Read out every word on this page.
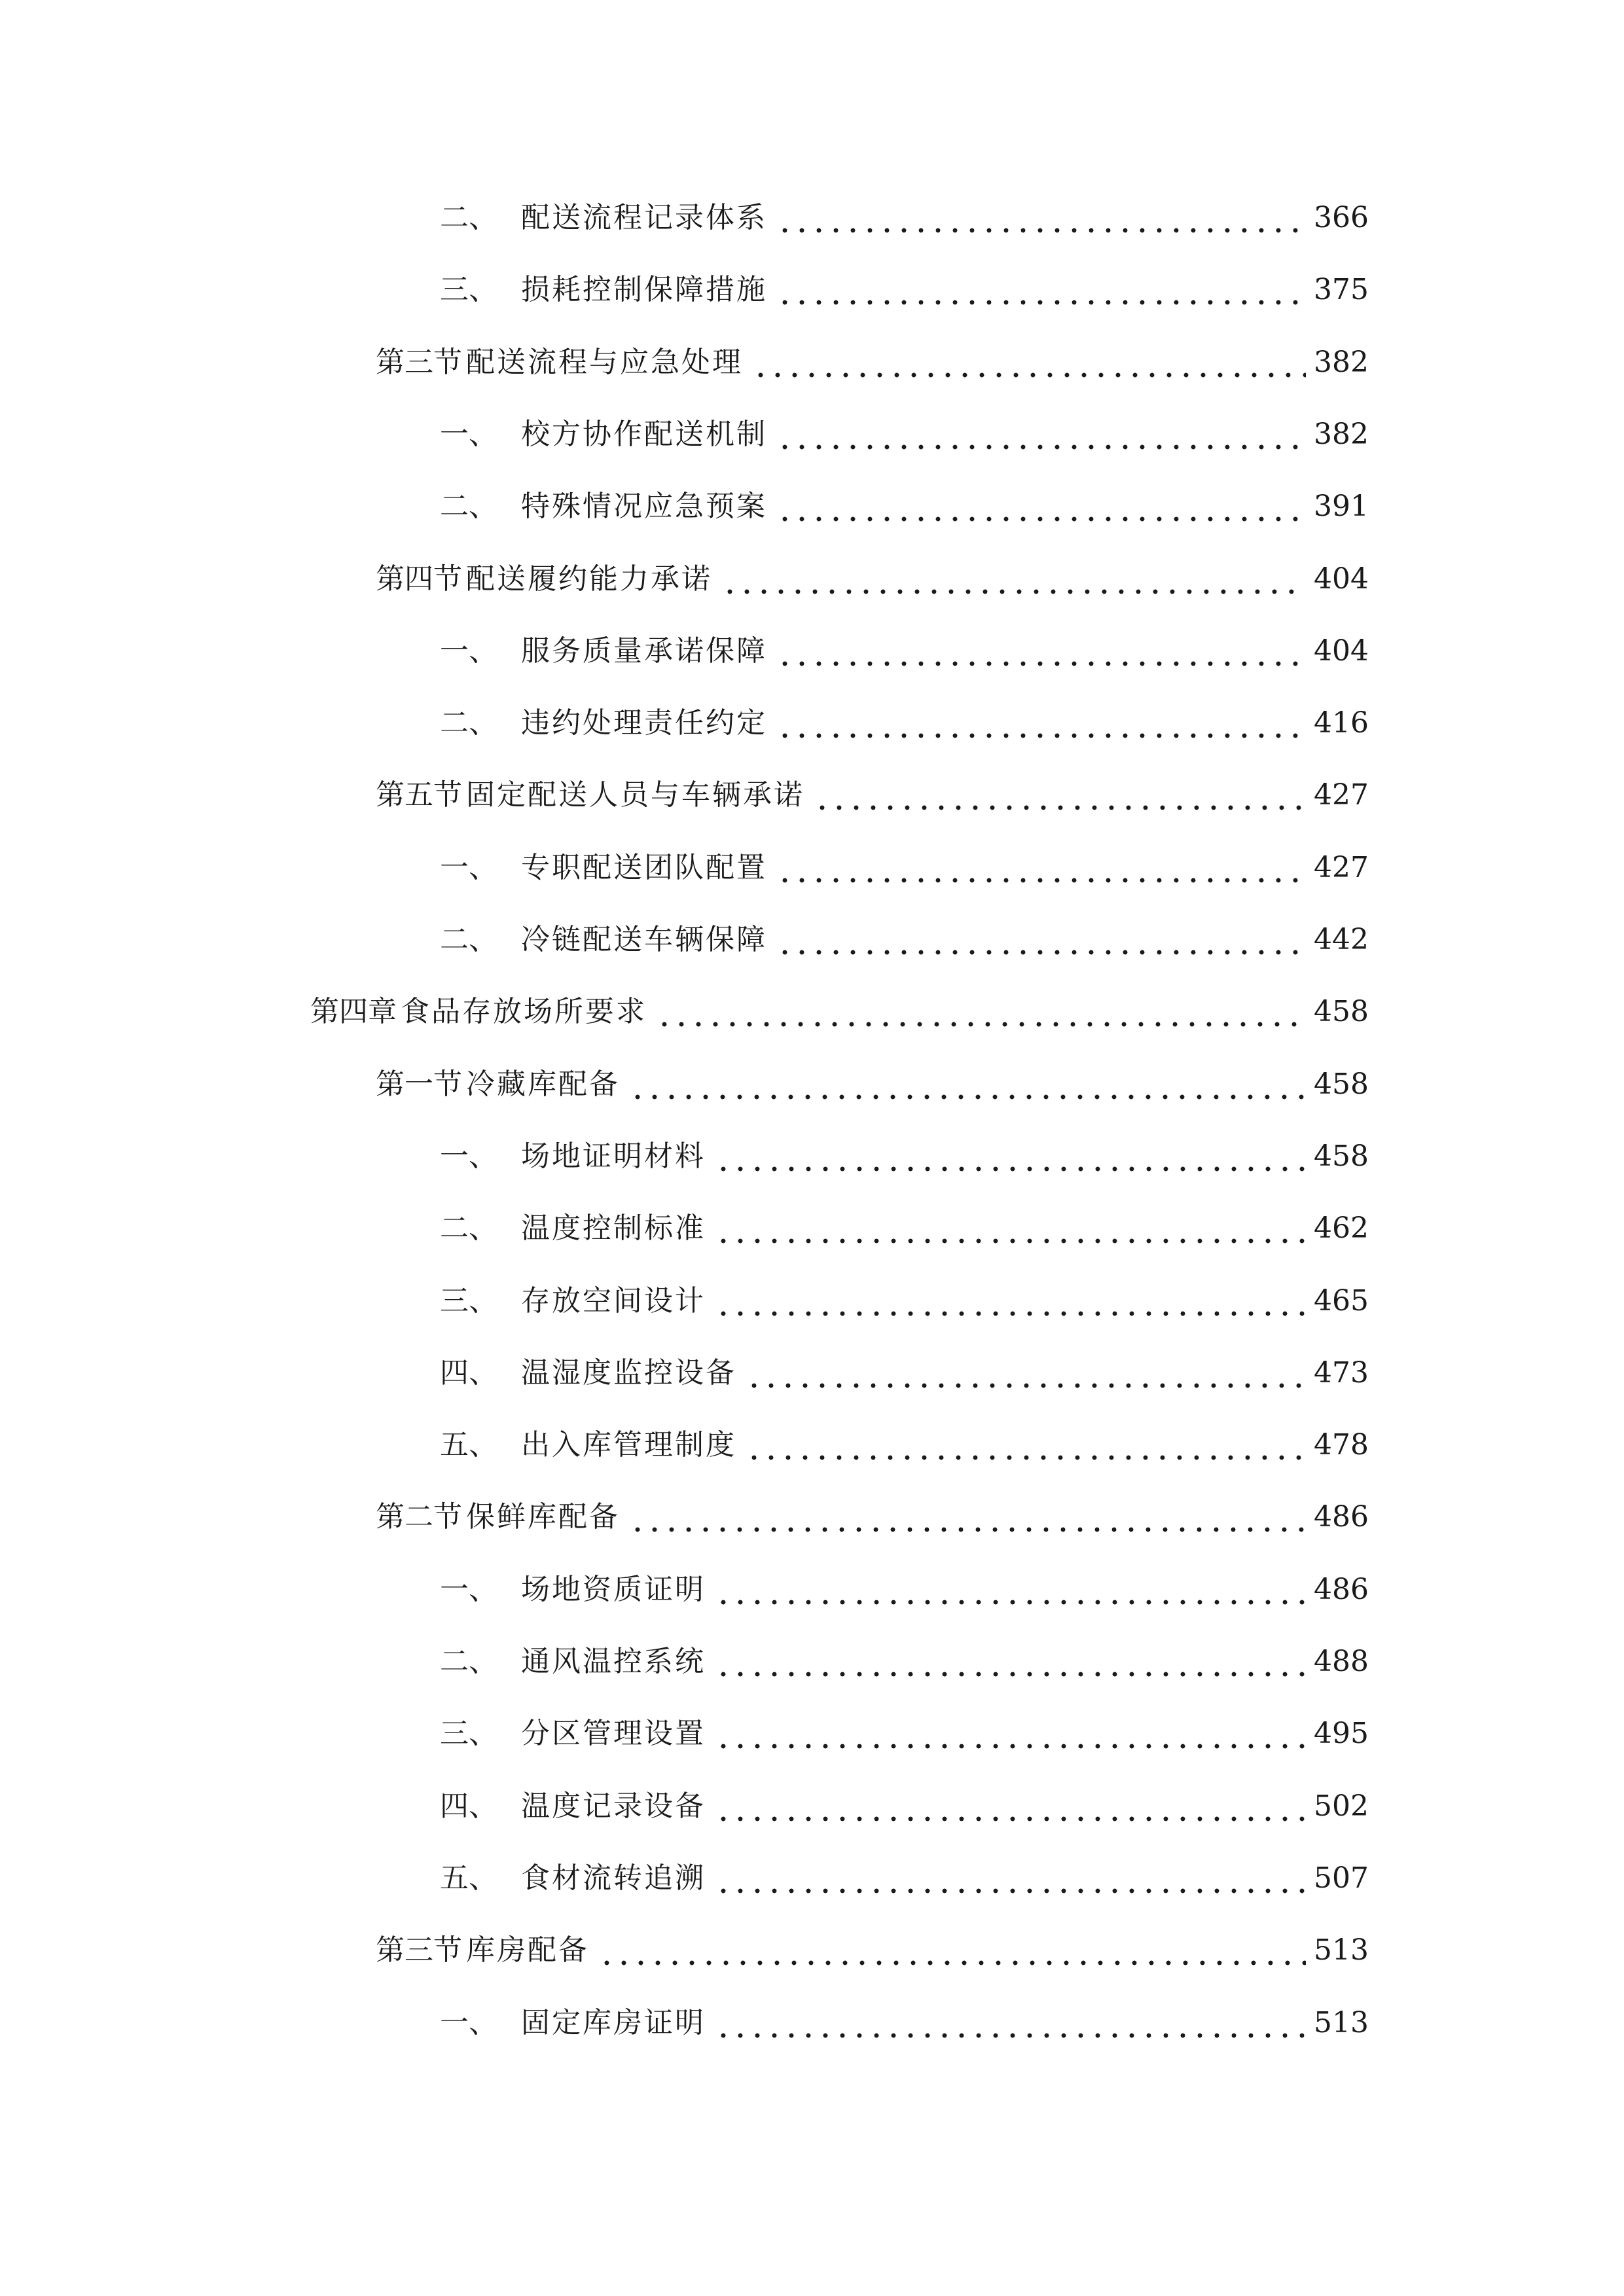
二、 配送流程记录体系	366
三、 损耗控制保障措施	375
第三节 配送流程与应急处理	382
一、 校方协作配送机制	382
二、 特殊情况应急预案	391
第四节 配送履约能力承诺	404
一、 服务质量承诺保障	404
二、 违约处理责任约定	416
第五节 固定配送人员与车辆承诺	427
一、 专职配送团队配置	427
二、 冷链配送车辆保障	442
第四章 食品存放场所要求	458
第一节 冷藏库配备	458
一、 场地证明材料	458
二、 温度控制标准	462
三、 存放空间设计	465
四、 温湿度监控设备	473
五、 出入库管理制度	478
第二节 保鲜库配备	486
一、 场地资质证明	486
二、 通风温控系统	488
三、 分区管理设置	495
四、 温度记录设备	502
五、 食材流转追溯	507
第三节 库房配备	513
一、 固定库房证明	513
